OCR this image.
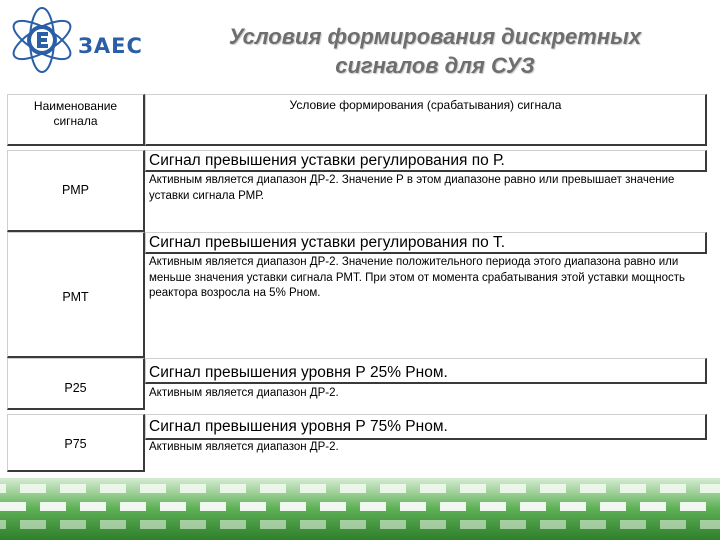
ЗАЕС	Условия формирования дискретных
сигналов для СУЗ
Наименование сигнала
Условие формирования (срабатывания) сигнала
РМР
РМТ
Р25
Р75
Сигнал превышения уставки регулирования по Р.
Активным является диапазон ДР-2. Значение Р в этом диапазоне равно или превышает значение уставки сигнала РМР.
Сигнал превышения уставки регулирования по Т.
Активным является диапазон ДР-2. Значение положительного периода этого диапазона равно или меньше значения уставки сигнала РМТ. При этом от момента срабатывания этой уставки мощность реактора возросла на 5% Рном.
Сигнал превышения уровня Р 25% Рном.
Активным является диапазон ДР-2.
Сигнал превышения уровня Р 75% Рном.
Активным является диапазон ДР-2.
